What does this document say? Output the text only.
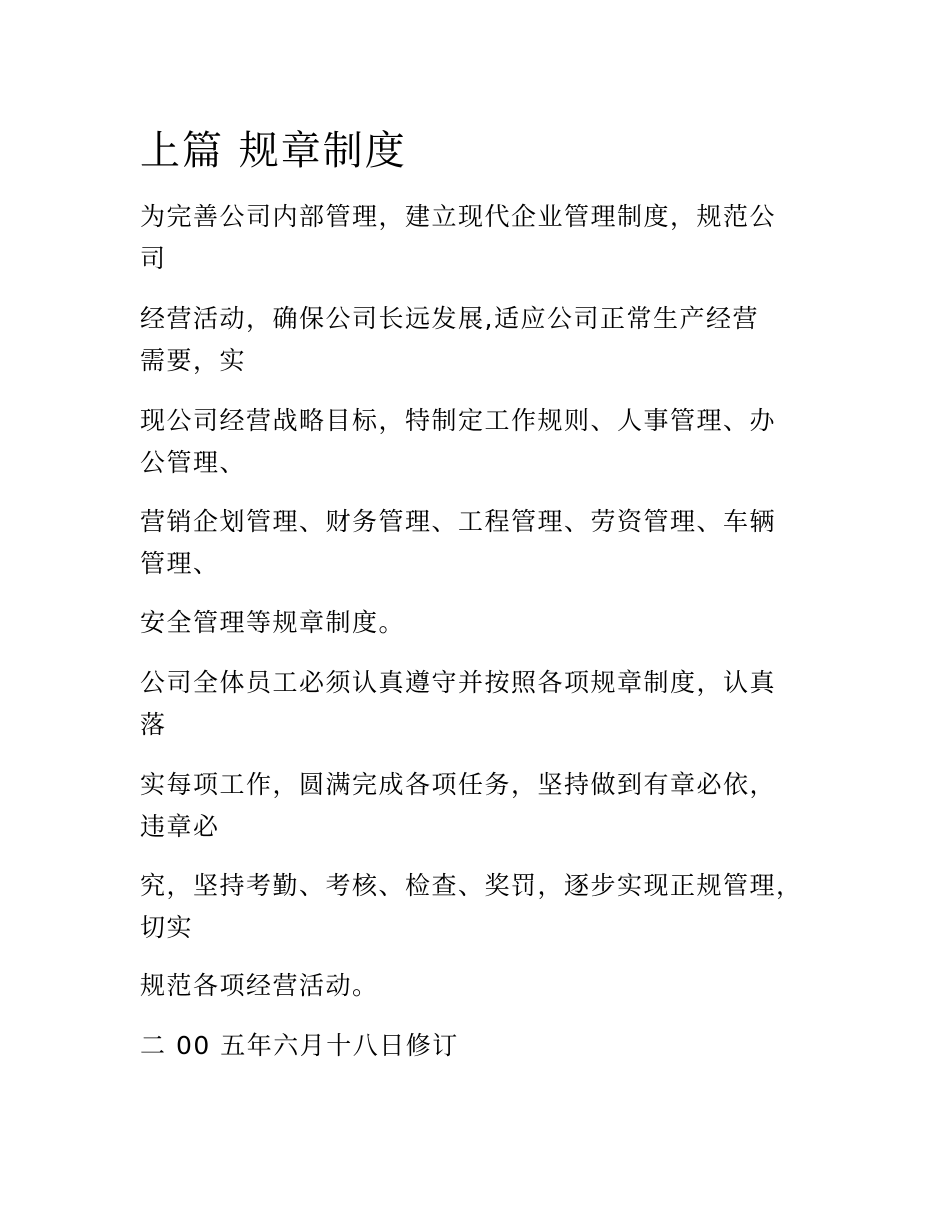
上篇 规章制度
为完善公司内部管理，建立现代企业管理制度，规范公
司
经营活动，确保公司长远发展,适应公司正常生产经营
需要，实
现公司经营战略目标，特制定工作规则、人事管理、办
公管理、
营销企划管理、财务管理、工程管理、劳资管理、车辆
管理、
安全管理等规章制度。
公司全体员工必须认真遵守并按照各项规章制度，认真
落
实每项工作，圆满完成各项任务，坚持做到有章必依，
违章必
究，坚持考勤、考核、检查、奖罚，逐步实现正规管理，
切实
规范各项经营活动。
二 00 五年六月十八日修订
